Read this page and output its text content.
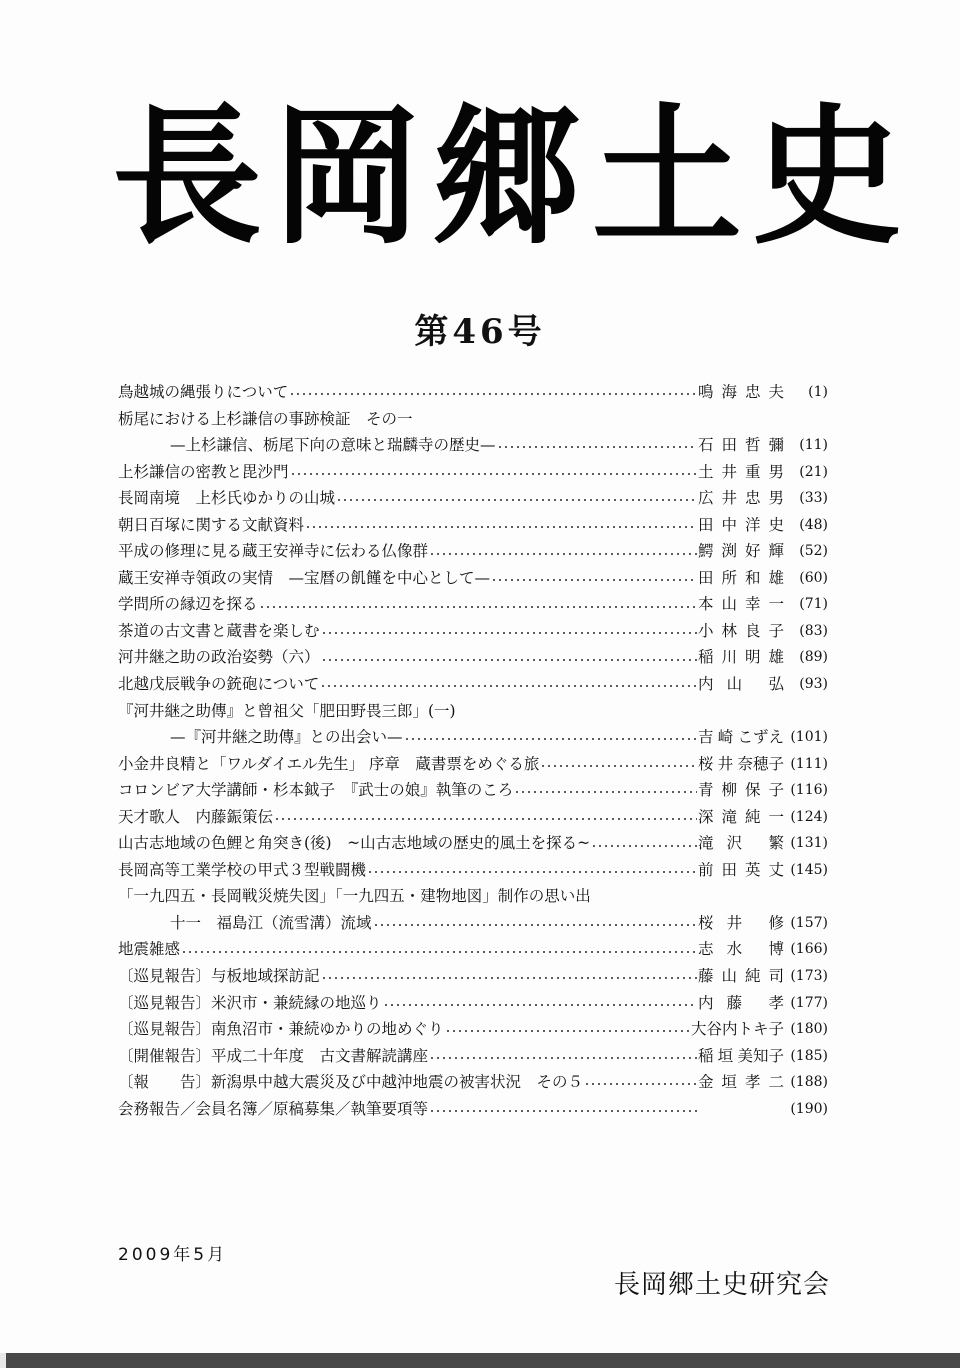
長岡郷土史
第46号
鳥越城の縄張りについて	鳴 海 忠 夫	(1)
栃尾における上杉謙信の事跡検証　その一
—上杉謙信、栃尾下向の意味と瑞麟寺の歴史—	石 田 哲 彌	(11)
上杉謙信の密教と毘沙門	土 井 重 男	(21)
長岡南境　上杉氏ゆかりの山城	広 井 忠 男	(33)
朝日百塚に関する文献資料	田 中 洋 史	(48)
平成の修理に見る蔵王安禅寺に伝わる仏像群	鰐 渕 好 輝	(52)
蔵王安禅寺領政の実情　—宝暦の飢饉を中心として—	田 所 和 雄	(60)
学問所の縁辺を探る	本 山 幸 一	(71)
茶道の古文書と蔵書を楽しむ	小 林 良 子	(83)
河井継之助の政治姿勢（六）	稲 川 明 雄	(89)
北越戊辰戦争の銃砲について	内 山 弘	(93)
『河井継之助傳』と曾祖父「肥田野畏三郎」(一)
—『河井継之助傳』との出会い—	吉 崎 こずえ (101)
小金井良精と「ワルダイエル先生」 序章　蔵書票をめぐる旅	桜 井 奈穂子 (111)
コロンビア大学講師・杉本鉞子　『武士の娘』執筆のころ	青 柳 保 子 (116)
天才歌人　内藤鋠策伝	深 滝 純 一 (124)
山古志地域の色鯉と角突き(後)　~山古志地域の歴史的風土を探る~	滝 沢 繁 (131)
長岡高等工業学校の甲式３型戦闘機	前 田 英 丈 (145)
「一九四五・長岡戦災焼失図」「一九四五・建物地図」制作の思い出
十一　福島江（流雪溝）流域	桜 井 修 (157)
地震雑感	志 水 博 (166)
〔巡見報告〕与板地域探訪記	藤 山 純 司 (173)
〔巡見報告〕米沢市・兼続縁の地巡り	内 藤 孝 (177)
〔巡見報告〕南魚沼市・兼続ゆかりの地めぐり	大谷内 トキ子 (180)
〔開催報告〕平成二十年度　古文書解読講座	稲 垣 美知子 (185)
〔報　　告〕新潟県中越大震災及び中越沖地震の被害状況　その５	金 垣 孝 二 (188)
会務報告／会員名簿／原稿募集／執筆要項等	(190)
2009年5月
長岡郷土史研究会
